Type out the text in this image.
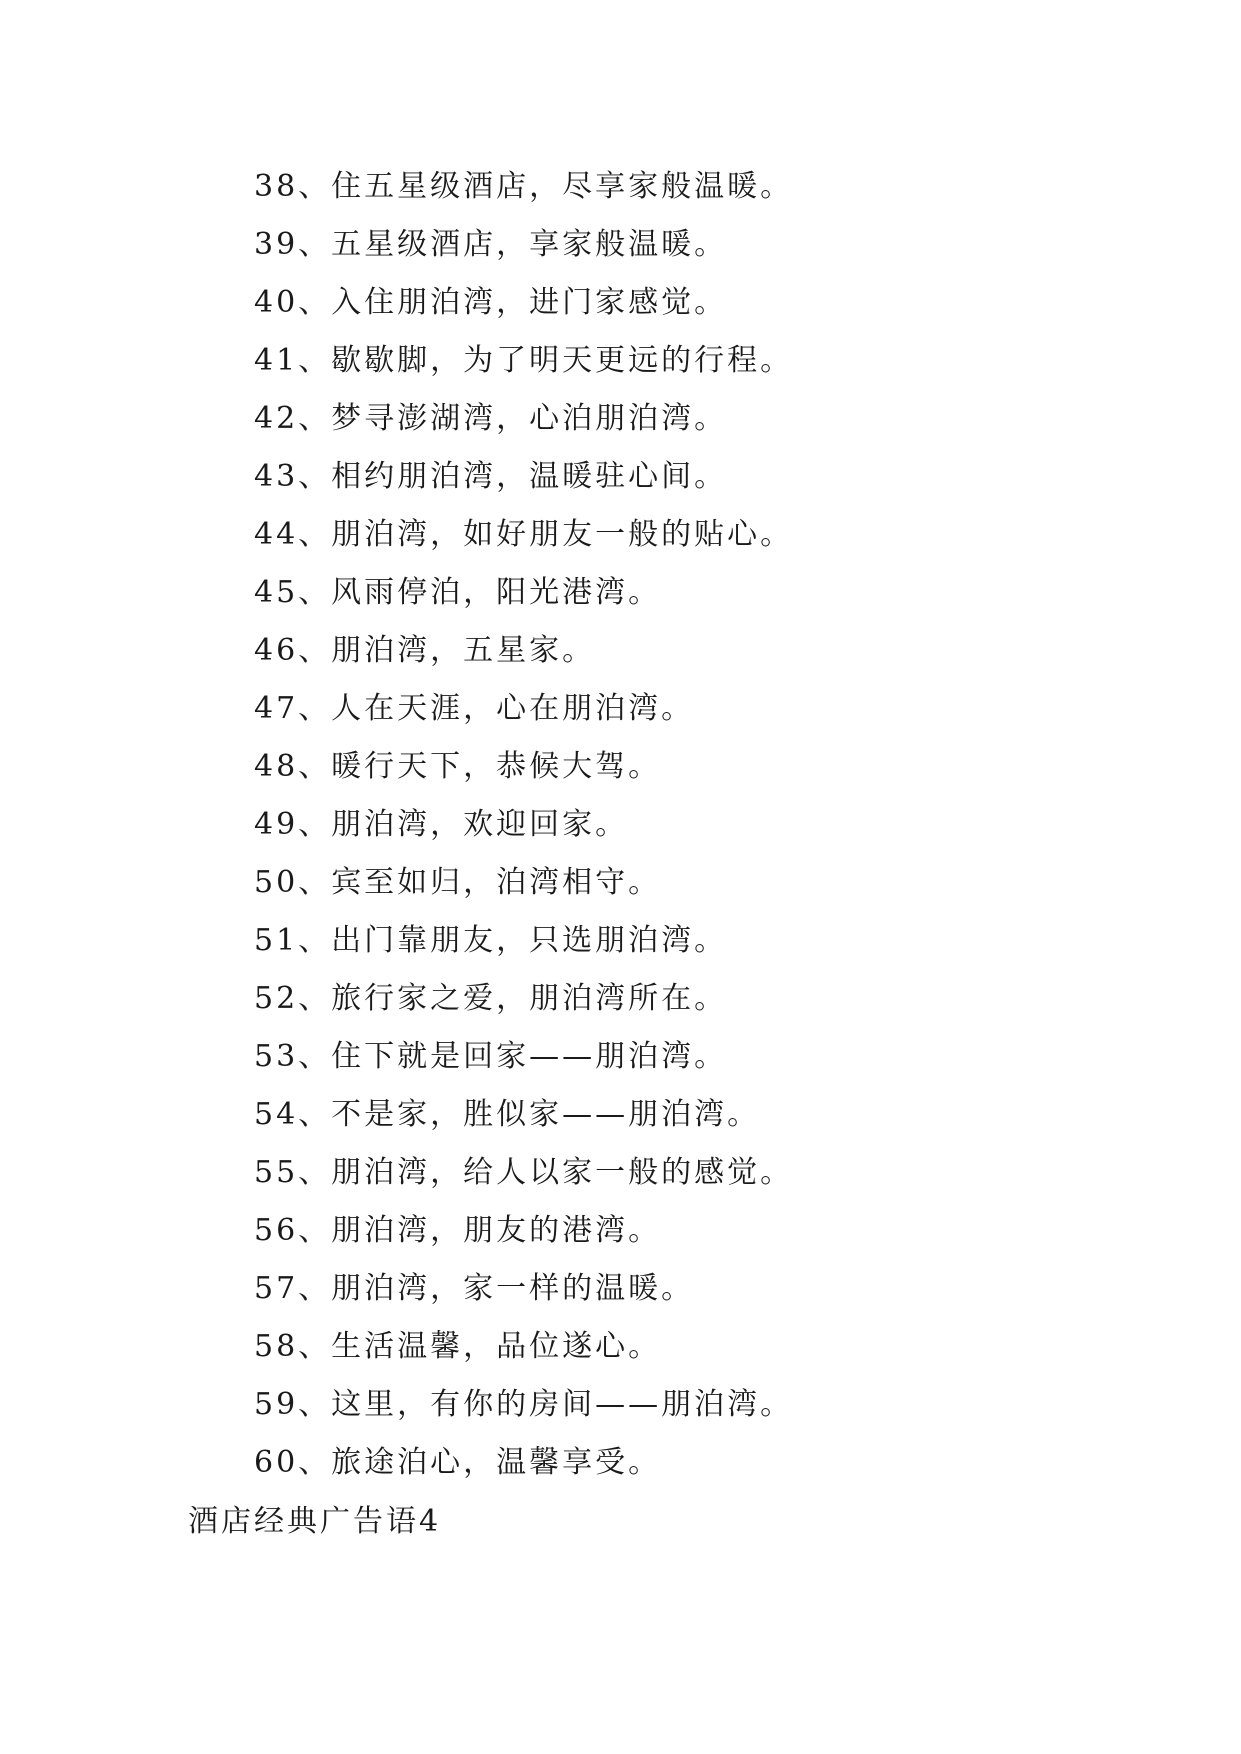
38、住五星级酒店，尽享家般温暖。
39、五星级酒店，享家般温暖。
40、入住朋泊湾，进门家感觉。
41、歇歇脚，为了明天更远的行程。
42、梦寻澎湖湾，心泊朋泊湾。
43、相约朋泊湾，温暖驻心间。
44、朋泊湾，如好朋友一般的贴心。
45、风雨停泊，阳光港湾。
46、朋泊湾，五星家。
47、人在天涯，心在朋泊湾。
48、暖行天下，恭候大驾。
49、朋泊湾，欢迎回家。
50、宾至如归，泊湾相守。
51、出门靠朋友，只选朋泊湾。
52、旅行家之爱，朋泊湾所在。
53、住下就是回家——朋泊湾。
54、不是家，胜似家——朋泊湾。
55、朋泊湾，给人以家一般的感觉。
56、朋泊湾，朋友的港湾。
57、朋泊湾，家一样的温暖。
58、生活温馨，品位遂心。
59、这里，有你的房间——朋泊湾。
60、旅途泊心，温馨享受。
酒店经典广告语4
